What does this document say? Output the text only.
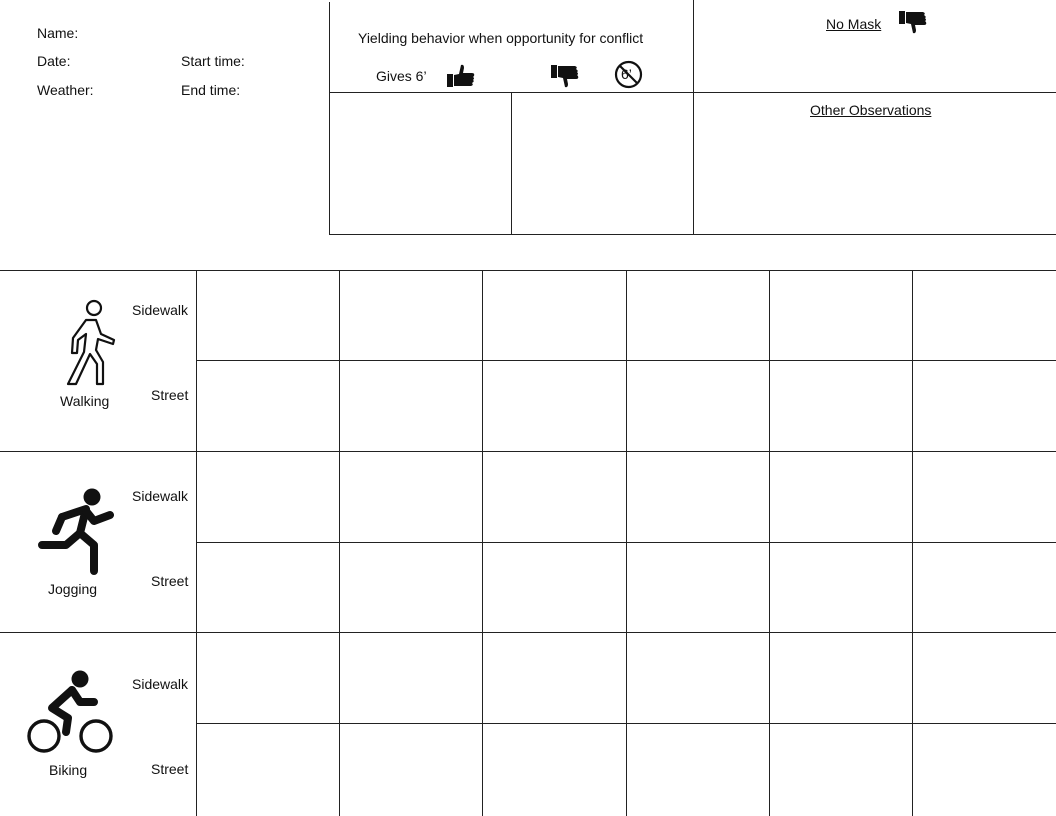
Name:
Date:
Weather:
Start time:
End time:
Yielding behavior when opportunity for conflict
Gives 6’	6’
No Mask
Other Observations
Walking
Sidewalk
Street
Jogging
Sidewalk
Street
Biking
Sidewalk
Street
